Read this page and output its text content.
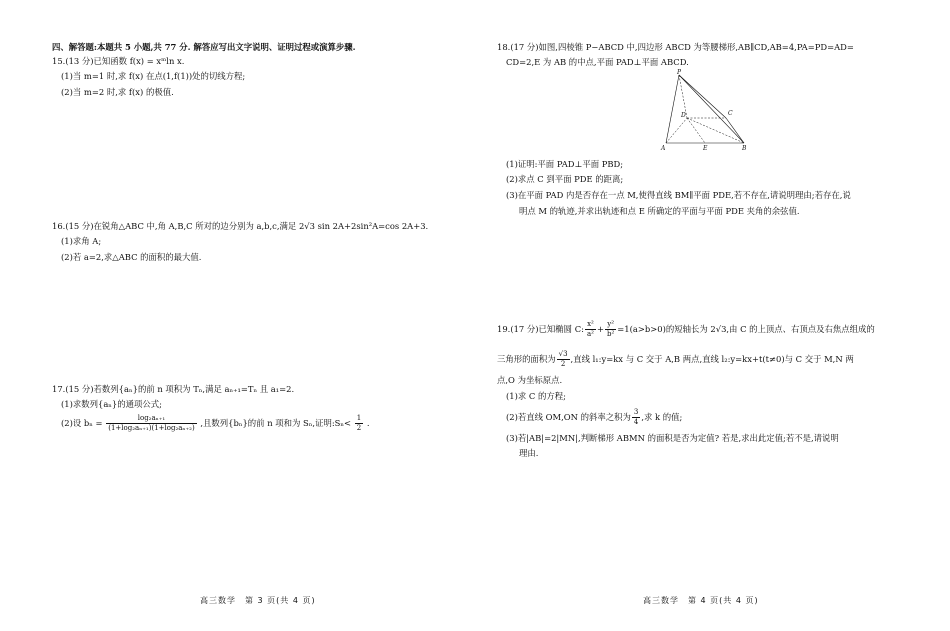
四、解答题:本题共 5 小题,共 77 分. 解答应写出文字说明、证明过程或演算步骤.
15.(13 分)已知函数 f(x) = xᵐln x.
(1)当 m=1 时,求 f(x) 在点(1,f(1))处的切线方程;
(2)当 m=2 时,求 f(x) 的极值.
16.(15 分)在锐角△ABC 中,角 A,B,C 所对的边分别为 a,b,c,满足 2√3 sin 2A+2sin²A=cos 2A+3.
(1)求角 A;
(2)若 a=2,求△ABC 的面积的最大值.
17.(15 分)若数列{aₙ}的前 n 项积为 Tₙ,满足 aₙ₊₁=Tₙ 且 a₁=2.
(1)求数列{aₙ}的通项公式;
(2)设 $b_n = \frac{\text{log₂aₙ₊₁}}{\text{(1+log₂aₙ₊₁)(1+log₂aₙ₊₂)}}$ ,且数列{bₙ}的前 n 项和为 Sₙ,证明:Sₙ< $\frac{1}{2}$ .
高三数学　第 3 页(共 4 页)
18.(17 分)如图,四棱锥 P−ABCD 中,四边形 ABCD 为等腰梯形,AB∥CD,AB=4,PA=PD=AD=
CD=2,E 为 AB 的中点,平面 PAD⊥平面 ABCD.
P
A	B
C
D
E
(1)证明:平面 PAD⊥平面 PBD;
(2)求点 C 到平面 PDE 的距离;
(3)在平面 PAD 内是否存在一点 M,使得直线 BM∥平面 PDE,若不存在,请说明理由;若存在,说
明点 M 的轨迹,并求出轨迹和点 E 所确定的平面与平面 PDE 夹角的余弦值.
19.(17 分)已知椭圆 C: $\frac{\text{x²}}{\text{a²}} + \frac{\text{y²}}{\text{b²}} =1(a>b>0)$的短轴长为 2√3,由 C 的上顶点、右顶点及右焦点组成的
三角形的面积为 $\frac{√3}{2}$ ,直线 l₁:y=kx 与 C 交于 A,B 两点,直线 l₂:y=kx+t(t≠0)与 C 交于 M,N 两
点,O 为坐标原点.
(1)求 C 的方程;
(2)若直线 OM,ON 的斜率之积为 $\frac{3}{4}$ ,求 k 的值;
(3)若|AB|=2|MN|,判断梯形 ABMN 的面积是否为定值? 若是,求出此定值;若不是,请说明
理由.
高三数学　第 4 页(共 4 页)
